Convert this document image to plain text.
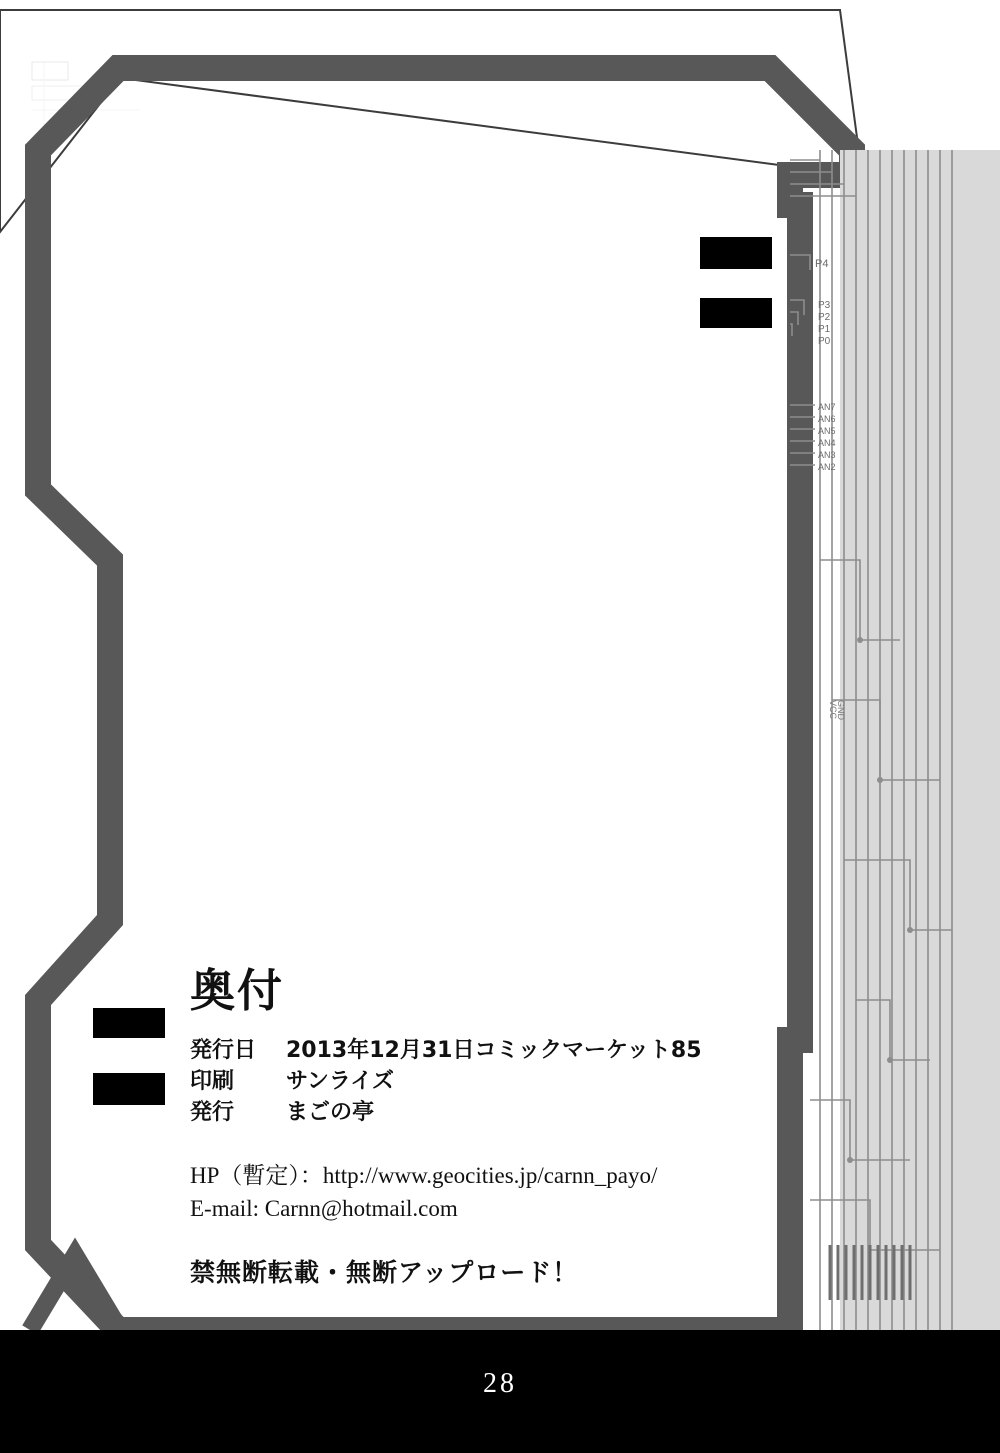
P4
P3
P2
P1
P0
AN7
AN6
AN5
AN4
AN3
AN2
VCC
GND
奥付
発行日	2013年12月31日コミックマーケット85
印刷	サンライズ
発行	まごの亭
HP（暫定）：http://www.geocities.jp/carnn_payo/
E-mail: Carnn@hotmail.com
禁無断転載・無断アップロード！
28
